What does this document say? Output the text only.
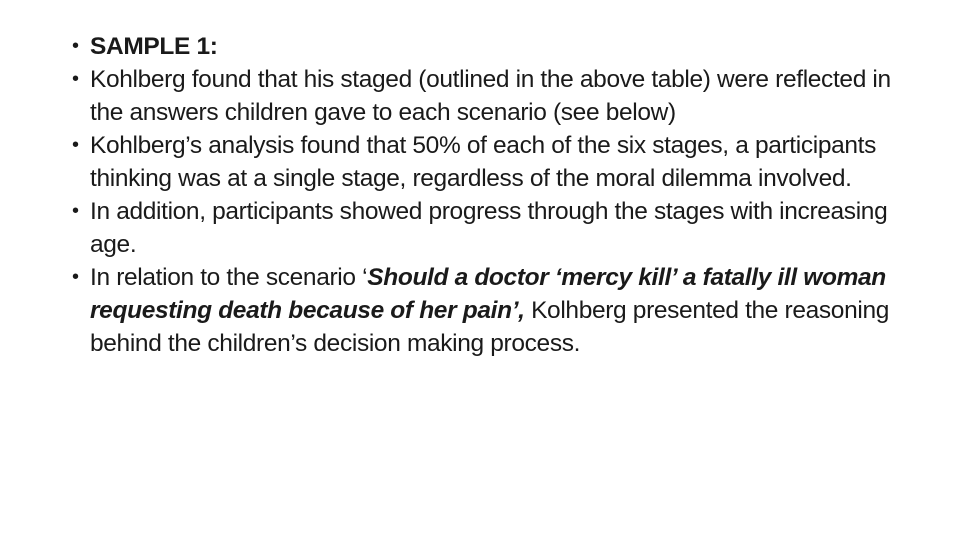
• SAMPLE 1:
• Kohlberg found that his staged (outlined in the above table) were reflected in the answers children gave to each scenario (see below)
• Kohlberg’s analysis found that 50% of each of the six stages, a participants thinking was at a single stage, regardless of the moral dilemma involved.
• In addition, participants showed progress through the stages with increasing age.
• In relation to the scenario ‘Should a doctor ‘mercy kill’ a fatally ill woman requesting death because of her pain’, Kolhberg presented the reasoning behind the children’s decision making process.
